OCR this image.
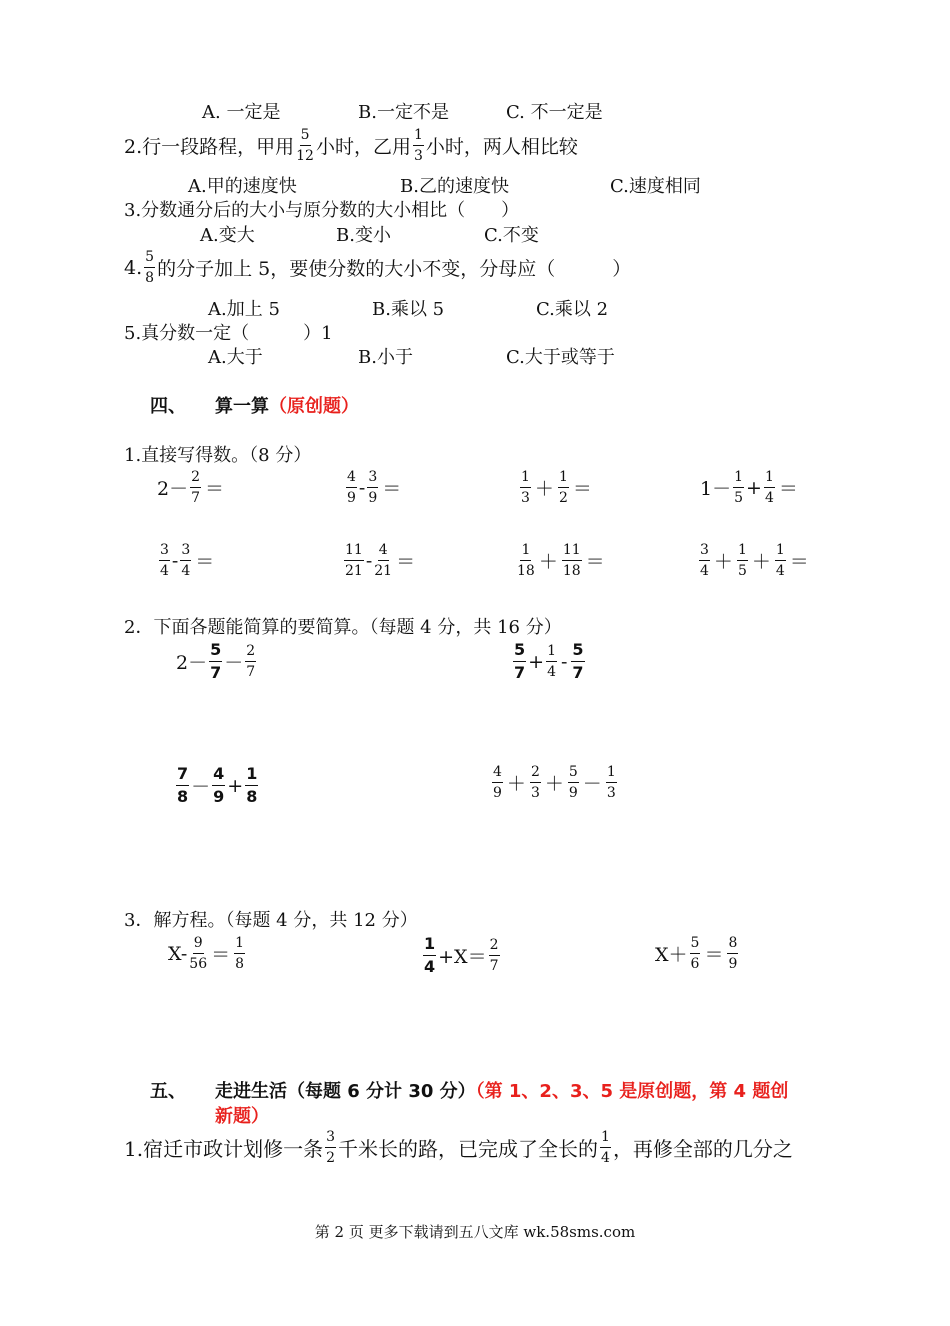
A. 一定是	B.一定不是	C. 不一定是
2.行一段路程，甲用 $\frac{5}{12}$ 小时，乙用 $\frac{1}{3}$ 小时，两人相比较
A.甲的速度快	B.乙的速度快	C.速度相同
3.分数通分后的大小与原分数的大小相比（　　）
A.变大	B.变小	C.不变
4. $\frac{5}{8}$ 的分子加上 5，要使分数的大小不变，分母应（　　　）
A.加上 5	B.乘以 5	C.乘以 2
5.真分数一定（　　　）1
A.大于	B.小于	C.大于或等于
四、 算一算（原创题）
1.直接写得数。（8 分）
$2- \frac{2}{7}$ ＝	$\frac{4}{9} - \frac{3}{9}$ ＝	$\frac{1}{3} + \frac{1}{2}$ ＝	$1- \frac{1}{5} + \frac{1}{4}$ ＝
$\frac{3}{4} - \frac{3}{4}$ ＝	$\frac{11}{21} - \frac{4}{21}$ ＝	$\frac{1}{18} + \frac{11}{18}$ ＝	$\frac{3}{4} + \frac{1}{5} + \frac{1}{4}$ ＝
2．下面各题能简算的要简算。（每题 4 分，共 16 分）
$2- \frac{5}{7} - \frac{2}{7}$	$\frac{5}{7} + \frac{1}{4} - \frac{5}{7}$
$\frac{7}{8} - \frac{4}{9} + \frac{1}{8}$	$\frac{4}{9} + \frac{2}{3} + \frac{5}{9} - \frac{1}{3}$
3．解方程。（每题 4 分，共 12 分）
$X- \frac{9}{56} = \frac{1}{8}$	$\frac{1}{4} +X= \frac{2}{7}$	$X+ \frac{5}{6} = \frac{8}{9}$
五、 走进生活（每题 6 分计 30 分）（第 1、2、3、5 是原创题，第 4 题创
新题）
1.宿迁市政计划修一条 $\frac{3}{2}$ 千米长的路，已完成了全长的 $\frac{1}{4}$ ，再修全部的几分之
第 2 页 更多下载请到五八文库 wk.58sms.com
